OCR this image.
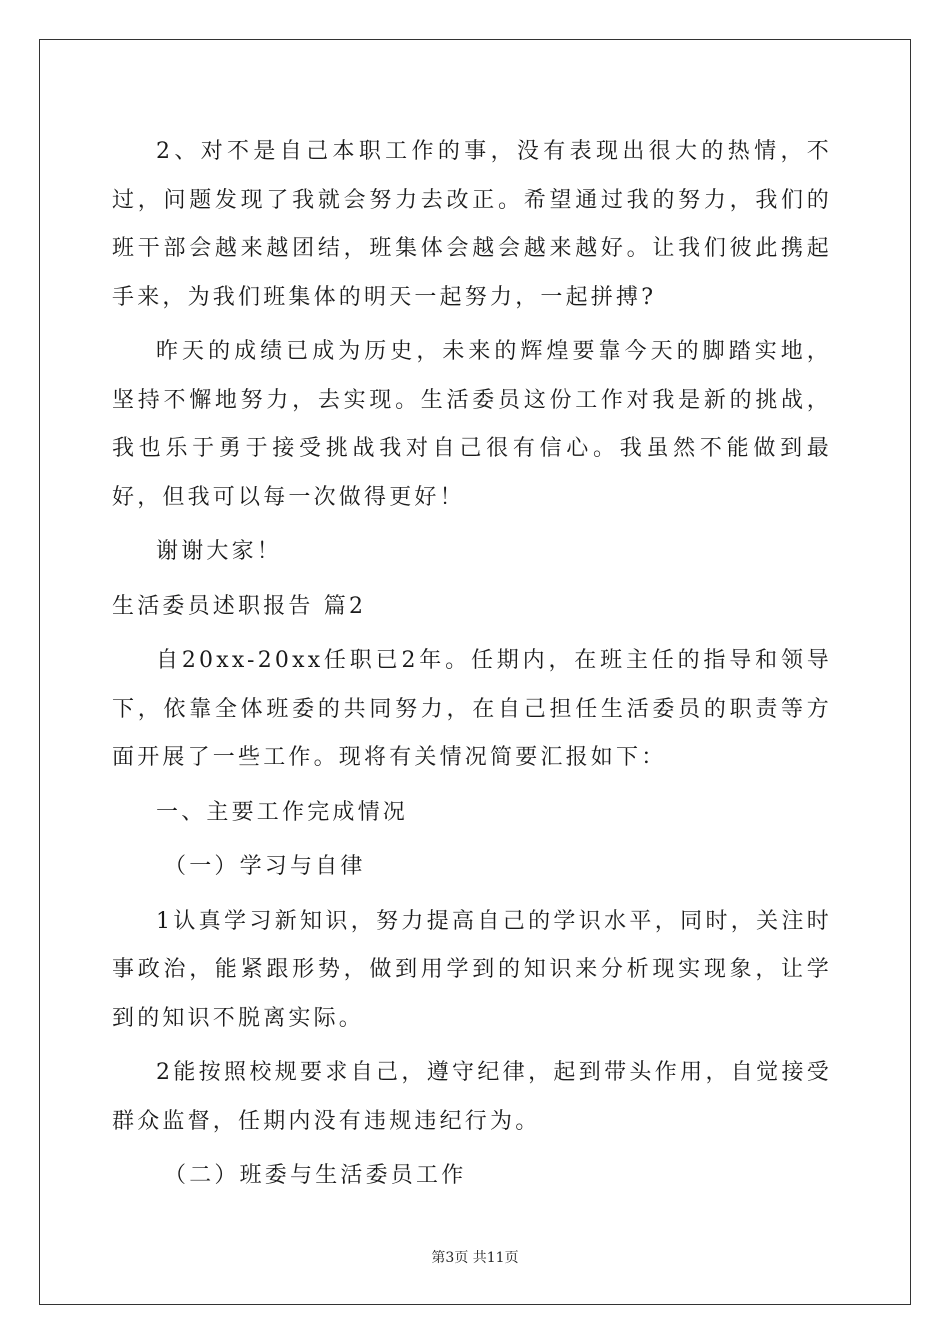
2、对不是自己本职工作的事，没有表现出很大的热情，不过，问题发现了我就会努力去改正。希望通过我的努力，我们的班干部会越来越团结，班集体会越会越来越好。让我们彼此携起手来，为我们班集体的明天一起努力，一起拼搏?

昨天的成绩已成为历史，未来的辉煌要靠今天的脚踏实地，坚持不懈地努力，去实现。生活委员这份工作对我是新的挑战，我也乐于勇于接受挑战我对自己很有信心。我虽然不能做到最好，但我可以每一次做得更好！

谢谢大家！

生活委员述职报告 篇2

自20xx-20xx任职已2年。任期内，在班主任的指导和领导下，依靠全体班委的共同努力，在自己担任生活委员的职责等方面开展了一些工作。现将有关情况简要汇报如下：

一、主要工作完成情况

（一）学习与自律

1认真学习新知识，努力提高自己的学识水平，同时，关注时事政治，能紧跟形势，做到用学到的知识来分析现实现象，让学到的知识不脱离实际。

2能按照校规要求自己，遵守纪律，起到带头作用，自觉接受群众监督，任期内没有违规违纪行为。

（二）班委与生活委员工作

第3页 共11页
